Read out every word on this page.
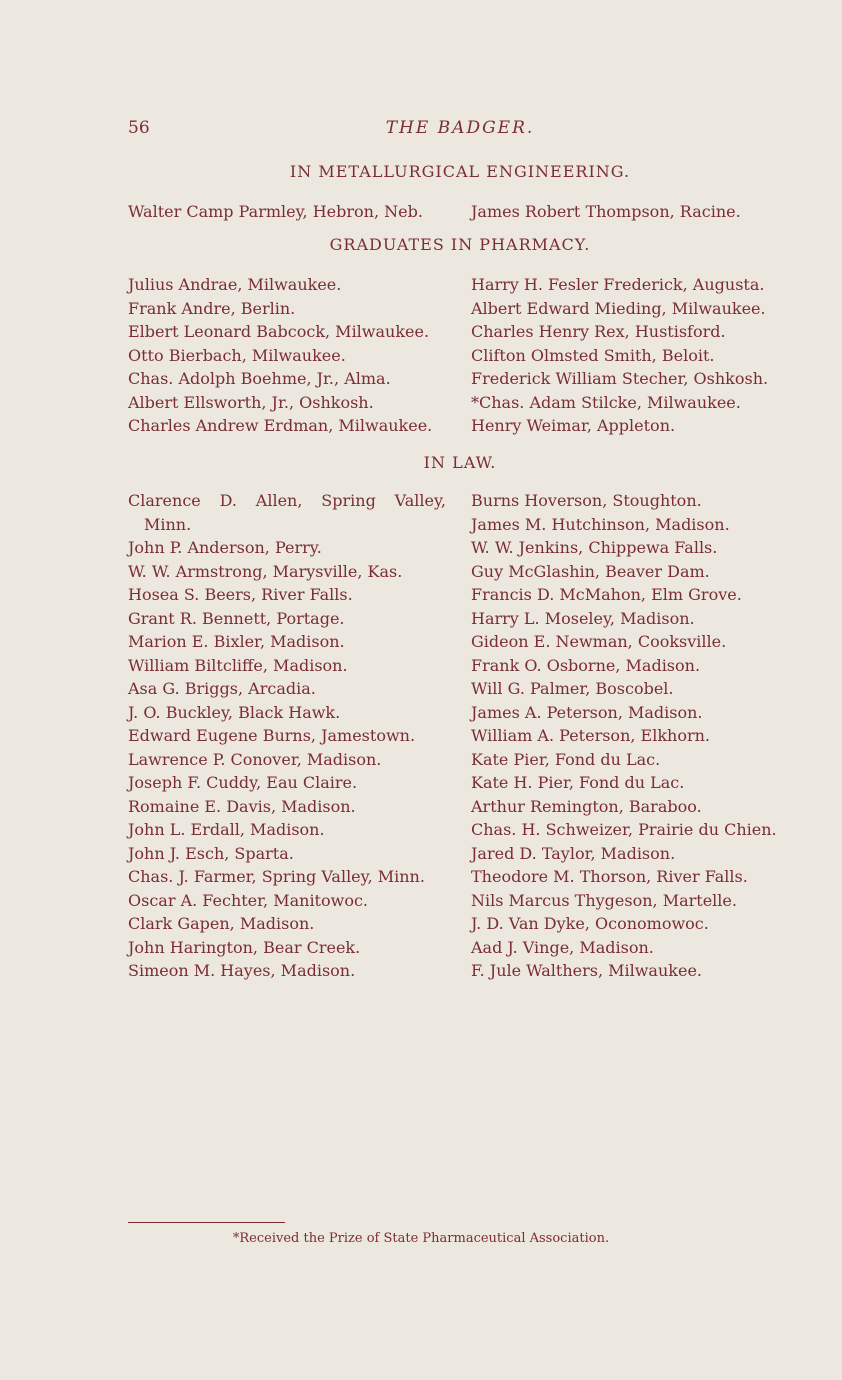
56	THE BADGER.
IN METALLURGICAL ENGINEERING.
Walter Camp Parmley, Hebron, Neb.	James Robert Thompson, Racine.
GRADUATES IN PHARMACY.
Julius Andrae, Milwaukee.
Frank Andre, Berlin.
Elbert Leonard Babcock, Milwaukee.
Otto Bierbach, Milwaukee.
Chas. Adolph Boehme, Jr., Alma.
Albert Ellsworth, Jr., Oshkosh.
Charles Andrew Erdman, Milwaukee.
Harry H. Fesler Frederick, Augusta.
Albert Edward Mieding, Milwaukee.
Charles Henry Rex, Hustisford.
Clifton Olmsted Smith, Beloit.
Frederick William Stecher, Oshkosh.
*Chas. Adam Stilcke, Milwaukee.
Henry Weimar, Appleton.
IN LAW.
Clarence D. Allen, Spring Valley,
Minn.
John P. Anderson, Perry.
W. W. Armstrong, Marysville, Kas.
Hosea S. Beers, River Falls.
Grant R. Bennett, Portage.
Marion E. Bixler, Madison.
William Biltcliffe, Madison.
Asa G. Briggs, Arcadia.
J. O. Buckley, Black Hawk.
Edward Eugene Burns, Jamestown.
Lawrence P. Conover, Madison.
Joseph F. Cuddy, Eau Claire.
Romaine E. Davis, Madison.
John L. Erdall, Madison.
John J. Esch, Sparta.
Chas. J. Farmer, Spring Valley, Minn.
Oscar A. Fechter, Manitowoc.
Clark Gapen, Madison.
John Harington, Bear Creek.
Simeon M. Hayes, Madison.
Burns Hoverson, Stoughton.
James M. Hutchinson, Madison.
W. W. Jenkins, Chippewa Falls.
Guy McGlashin, Beaver Dam.
Francis D. McMahon, Elm Grove.
Harry L. Moseley, Madison.
Gideon E. Newman, Cooksville.
Frank O. Osborne, Madison.
Will G. Palmer, Boscobel.
James A. Peterson, Madison.
William A. Peterson, Elkhorn.
Kate Pier, Fond du Lac.
Kate H. Pier, Fond du Lac.
Arthur Remington, Baraboo.
Chas. H. Schweizer, Prairie du Chien.
Jared D. Taylor, Madison.
Theodore M. Thorson, River Falls.
Nils Marcus Thygeson, Martelle.
J. D. Van Dyke, Oconomowoc.
Aad J. Vinge, Madison.
F. Jule Walthers, Milwaukee.
*Received the Prize of State Pharmaceutical Association.
